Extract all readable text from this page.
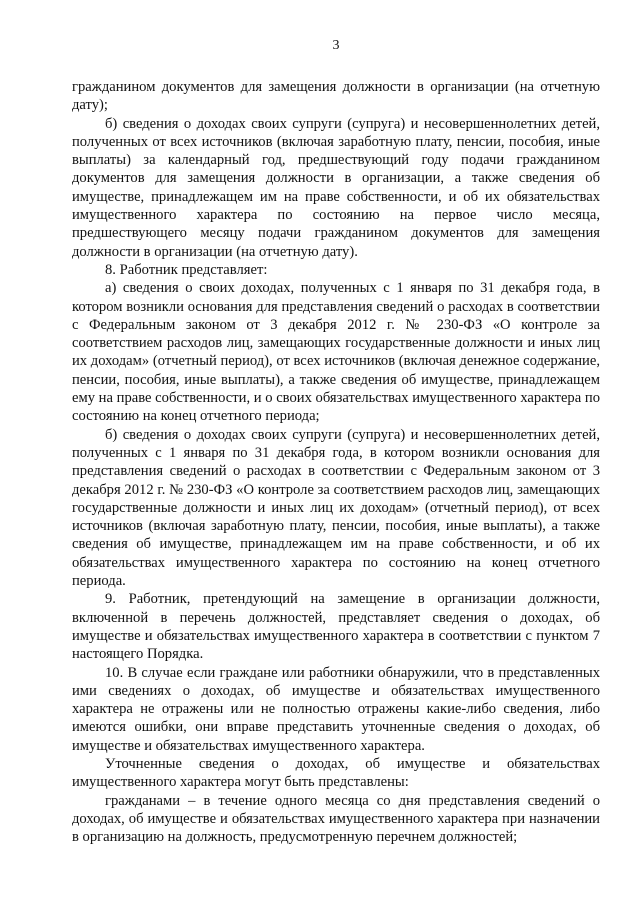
3

гражданином документов для замещения должности в организации (на отчетную дату);

б) сведения о доходах своих супруги (супруга) и несовершеннолетних детей, полученных от всех источников (включая заработную плату, пенсии, пособия, иные выплаты) за календарный год, предшествующий году подачи гражданином документов для замещения должности в организации, а также сведения об имуществе, принадлежащем им на праве собственности, и об их обязательствах имущественного характера по состоянию на первое число месяца, предшествующего месяцу подачи гражданином документов для замещения должности в организации (на отчетную дату).

8. Работник представляет:

а) сведения о своих доходах, полученных с 1 января по 31 декабря года, в котором возникли основания для представления сведений о расходах в соответствии с Федеральным законом от 3 декабря 2012 г. № 230-ФЗ «О контроле за соответствием расходов лиц, замещающих государственные должности и иных лиц их доходам» (отчетный период), от всех источников (включая денежное содержание, пенсии, пособия, иные выплаты), а также сведения об имуществе, принадлежащем ему на праве собственности, и о своих обязательствах имущественного характера по состоянию на конец отчетного периода;

б) сведения о доходах своих супруги (супруга) и несовершеннолетних детей, полученных с 1 января по 31 декабря года, в котором возникли основания для представления сведений о расходах в соответствии с Федеральным законом от 3 декабря 2012 г. № 230-ФЗ «О контроле за соответствием расходов лиц, замещающих государственные должности и иных лиц их доходам» (отчетный период), от всех источников (включая заработную плату, пенсии, пособия, иные выплаты), а также сведения об имуществе, принадлежащем им на праве собственности, и об их обязательствах имущественного характера по состоянию на конец отчетного периода.

9. Работник, претендующий на замещение в организации должности, включенной в перечень должностей, представляет сведения о доходах, об имуществе и обязательствах имущественного характера в соответствии с пунктом 7 настоящего Порядка.

10. В случае если граждане или работники обнаружили, что в представленных ими сведениях о доходах, об имуществе и обязательствах имущественного характера не отражены или не полностью отражены какие-либо сведения, либо имеются ошибки, они вправе представить уточненные сведения о доходах, об имуществе и обязательствах имущественного характера.

Уточненные сведения о доходах, об имуществе и обязательствах имущественного характера могут быть представлены:

гражданами – в течение одного месяца со дня представления сведений о доходах, об имуществе и обязательствах имущественного характера при назначении в организацию на должность, предусмотренную перечнем должностей;
